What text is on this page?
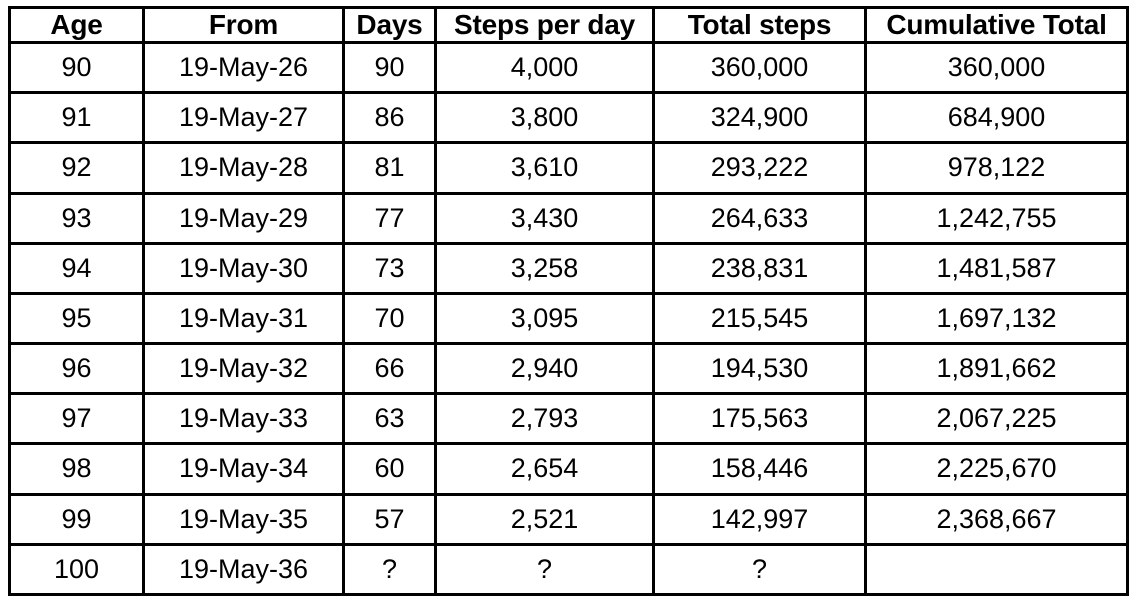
Age	From	Days	Steps per day	Total steps	Cumulative Total
90	19-May-26	90	4,000	360,000	360,000
91	19-May-27	86	3,800	324,900	684,900
92	19-May-28	81	3,610	293,222	978,122
93	19-May-29	77	3,430	264,633	1,242,755
94	19-May-30	73	3,258	238,831	1,481,587
95	19-May-31	70	3,095	215,545	1,697,132
96	19-May-32	66	2,940	194,530	1,891,662
97	19-May-33	63	2,793	175,563	2,067,225
98	19-May-34	60	2,654	158,446	2,225,670
99	19-May-35	57	2,521	142,997	2,368,667
100	19-May-36	?	?	?	
